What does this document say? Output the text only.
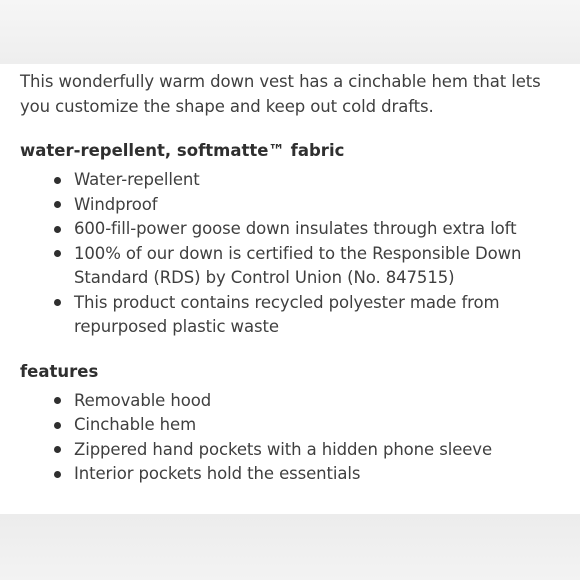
This wonderfully warm down vest has a cinchable hem that lets you customize the shape and keep out cold drafts.

water-repellent, softmatte™ fabric
Water-repellent
Windproof
600-fill-power goose down insulates through extra loft
100% of our down is certified to the Responsible Down Standard (RDS) by Control Union (No. 847515)
This product contains recycled polyester made from repurposed plastic waste
features
Removable hood
Cinchable hem
Zippered hand pockets with a hidden phone sleeve
Interior pockets hold the essentials
